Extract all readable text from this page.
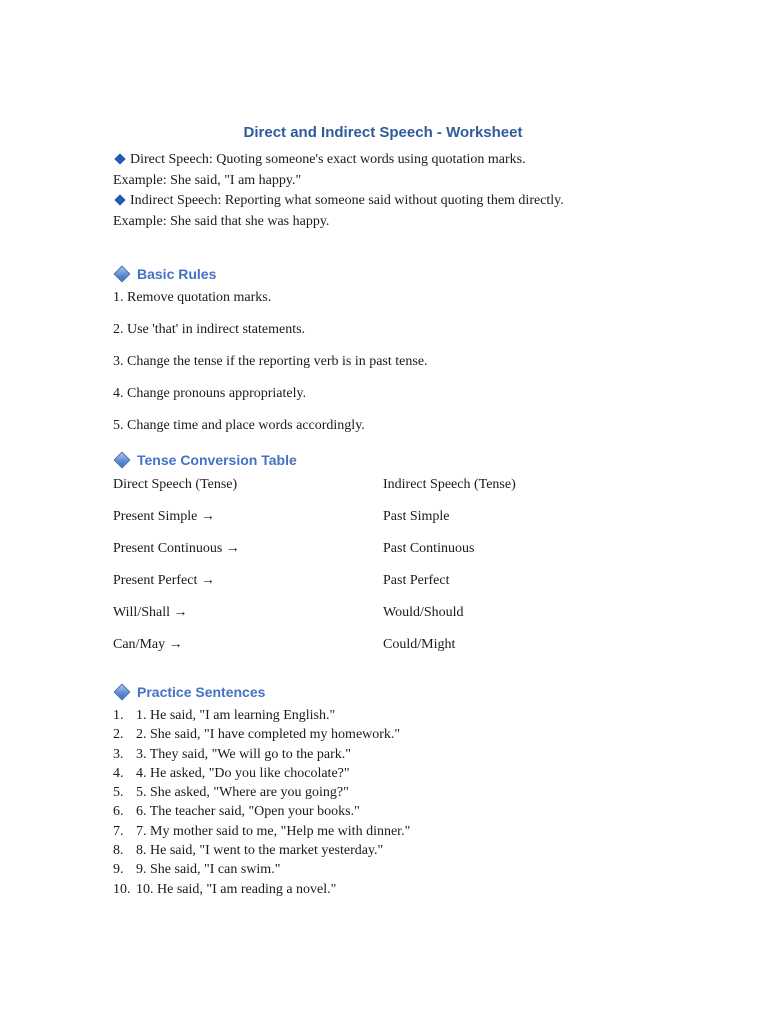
Direct and Indirect Speech - Worksheet

Direct Speech: Quoting someone's exact words using quotation marks.

Example: She said, "I am happy."

Indirect Speech: Reporting what someone said without quoting them directly.

Example: She said that she was happy.

Basic Rules
1. Remove quotation marks.
2. Use 'that' in indirect statements.
3. Change the tense if the reporting verb is in past tense.
4. Change pronouns appropriately.
5. Change time and place words accordingly.
Tense Conversion Table
Direct Speech (Tense)	Indirect Speech (Tense)
Present Simple →	Past Simple
Present Continuous →	Past Continuous
Present Perfect →	Past Perfect
Will/Shall →	Would/Should
Can/May →	Could/Might
Practice Sentences
1. 1. He said, "I am learning English."
2. 2. She said, "I have completed my homework."
3. 3. They said, "We will go to the park."
4. 4. He asked, "Do you like chocolate?"
5. 5. She asked, "Where are you going?"
6. 6. The teacher said, "Open your books."
7. 7. My mother said to me, "Help me with dinner."
8. 8. He said, "I went to the market yesterday."
9. 9. She said, "I can swim."
10. 10. He said, "I am reading a novel."
